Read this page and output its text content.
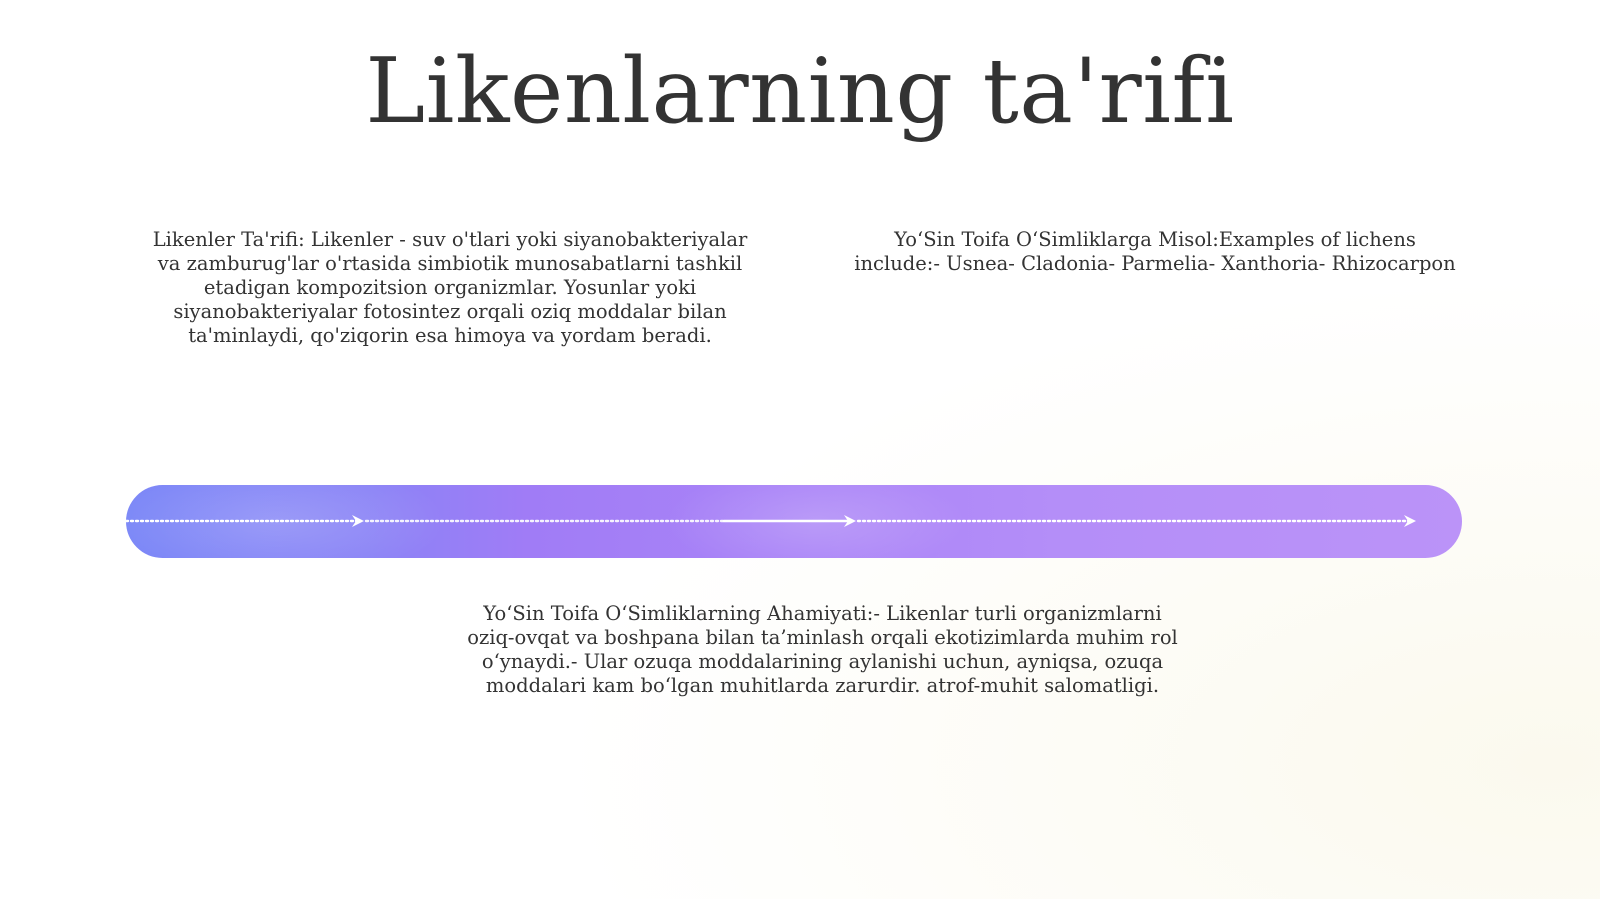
Likenlarning ta'rifi
Likenler Ta'rifi: Likenler - suv o'tlari yoki siyanobakteriyalar va zamburug'lar o'rtasida simbiotik munosabatlarni tashkil etadigan kompozitsion organizmlar. Yosunlar yoki siyanobakteriyalar fotosintez orqali oziq moddalar bilan ta'minlaydi, qo'ziqorin esa himoya va yordam beradi.
Yo‘Sin Toifa O‘Simliklarga Misol:Examples of lichens include:- Usnea- Cladonia- Parmelia- Xanthoria- Rhizocarpon
Yo‘Sin Toifa O‘Simliklarning Ahamiyati:- Likenlar turli organizmlarni oziq-ovqat va boshpana bilan ta’minlash orqali ekotizimlarda muhim rol o‘ynaydi.- Ular ozuqa moddalarining aylanishi uchun, ayniqsa, ozuqa moddalari kam bo‘lgan muhitlarda zarurdir. atrof-muhit salomatligi.
